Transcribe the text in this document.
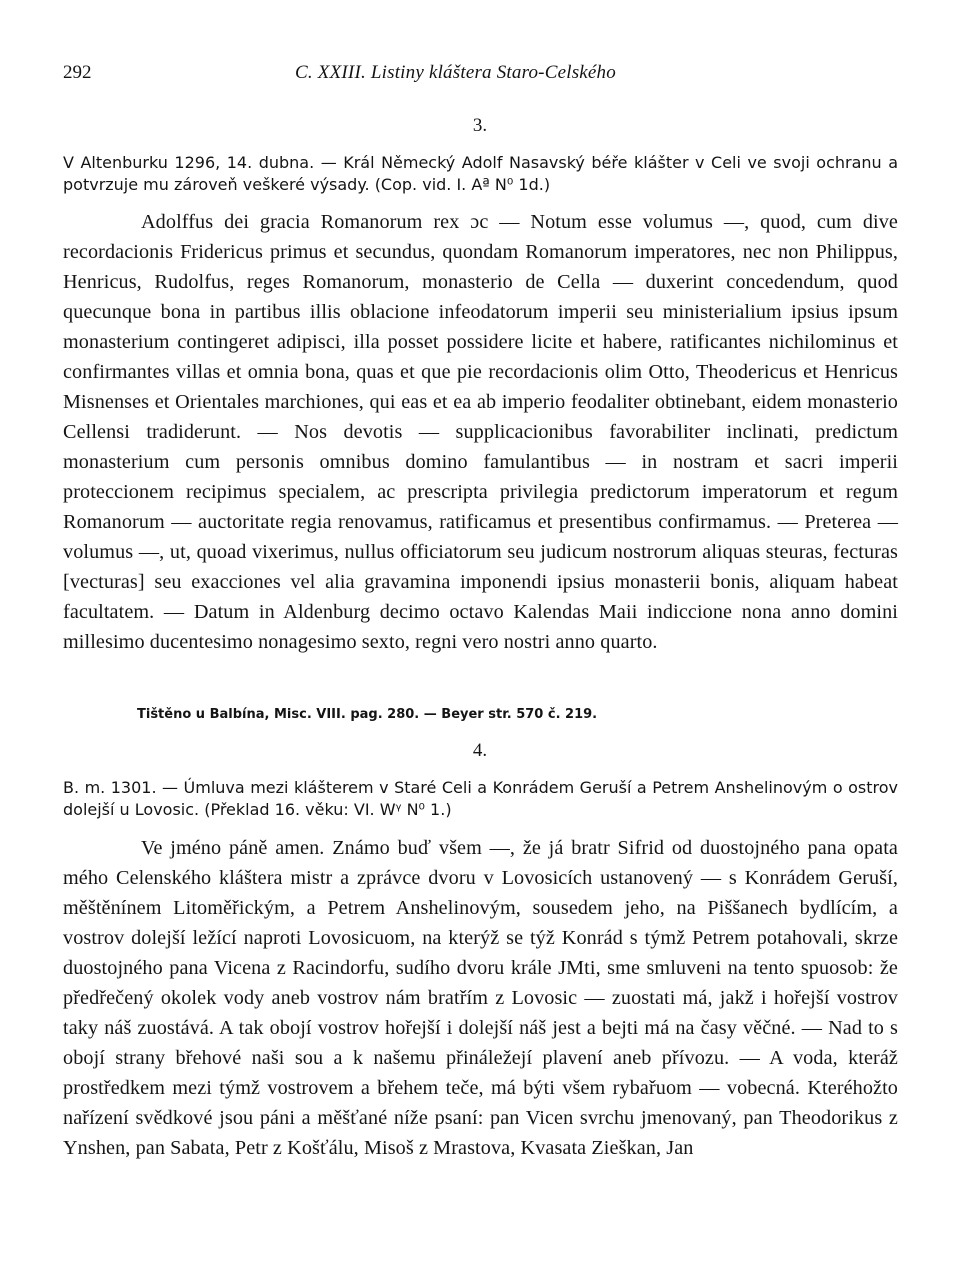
292	C. XXIII. Listiny kláštera Staro-Celského
3.
V Altenburku 1296, 14. dubna. — Král Německý Adolf Nasavský béře klášter v Celi ve svoji ochranu a potvrzuje mu zároveň veškeré výsady. (Cop. vid. I. Aª N⁰ 1d.)
Adolffus dei gracia Romanorum rex ɔc — Notum esse volumus —, quod, cum dive recordacionis Fridericus primus et secundus, quondam Romanorum imperatores, nec non Philippus, Henricus, Rudolfus, reges Romanorum, monasterio de Cella — duxerint concedendum, quod quecunque bona in partibus illis oblacione infeodatorum imperii seu ministerialium ipsius ipsum monasterium contingeret adipisci, illa posset possidere licite et habere, ratificantes nichilominus et confirmantes villas et omnia bona, quas et que pie recordacionis olim Otto, Theodericus et Henricus Misnenses et Orientales marchiones, qui eas et ea ab imperio feodaliter obtinebant, eidem monasterio Cellensi tradiderunt. — Nos devotis — supplicacionibus favorabiliter inclinati, predictum monasterium cum personis omnibus domino famulantibus — in nostram et sacri imperii proteccionem recipimus specialem, ac prescripta privilegia predictorum imperatorum et regum Romanorum — auctoritate regia renovamus, ratificamus et presentibus confirmamus. — Preterea — volumus —, ut, quoad vixerimus, nullus officiatorum seu judicum nostrorum aliquas steuras, fecturas [vecturas] seu exacciones vel alia gravamina imponendi ipsius monasterii bonis, aliquam habeat facultatem. — Datum in Aldenburg decimo octavo Kalendas Maii indiccione nona anno domini millesimo ducentesimo nonagesimo sexto, regni vero nostri anno quarto.
Tištěno u Balbína, Misc. VIII. pag. 280. — Beyer str. 570 č. 219.
4.
B. m. 1301. — Úmluva mezi klášterem v Staré Celi a Konrádem Geruší a Petrem Anshelinovým o ostrov dolejší u Lovosic. (Překlad 16. věku: VI. Wᵞ N⁰ 1.)
Ve jméno páně amen. Známo buď všem —, že já bratr Sifrid od duostojného pana opata mého Celenského kláštera mistr a zprávce dvoru v Lovosicích ustanovený — s Konrádem Geruší, měštěnínem Litoměřickým, a Petrem Anshelinovým, sousedem jeho, na Piššanech bydlícím, a vostrov dolejší ležící naproti Lovosicuom, na kterýž se týž Konrád s týmž Petrem potahovali, skrze duostojného pana Vicena z Racindorfu, sudího dvoru krále JMti, sme smluveni na tento spuosob: že předřečený okolek vody aneb vostrov nám bratřím z Lovosic — zuostati má, jakž i hořejší vostrov taky náš zuostává. A tak obojí vostrov hořejší i dolejší náš jest a bejti má na časy věčné. — Nad to s obojí strany břehové naši sou a k našemu přináležejí plavení aneb přívozu. — A voda, kteráž prostředkem mezi týmž vostrovem a břehem teče, má býti všem rybařuom — vobecná. Kteréhožto nařízení svědkové jsou páni a měšťané níže psaní: pan Vicen svrchu jmenovaný, pan Theodorikus z Ynshen, pan Sabata, Petr z Košťálu, Misoš z Mrastova, Kvasata Zieškan, Jan
